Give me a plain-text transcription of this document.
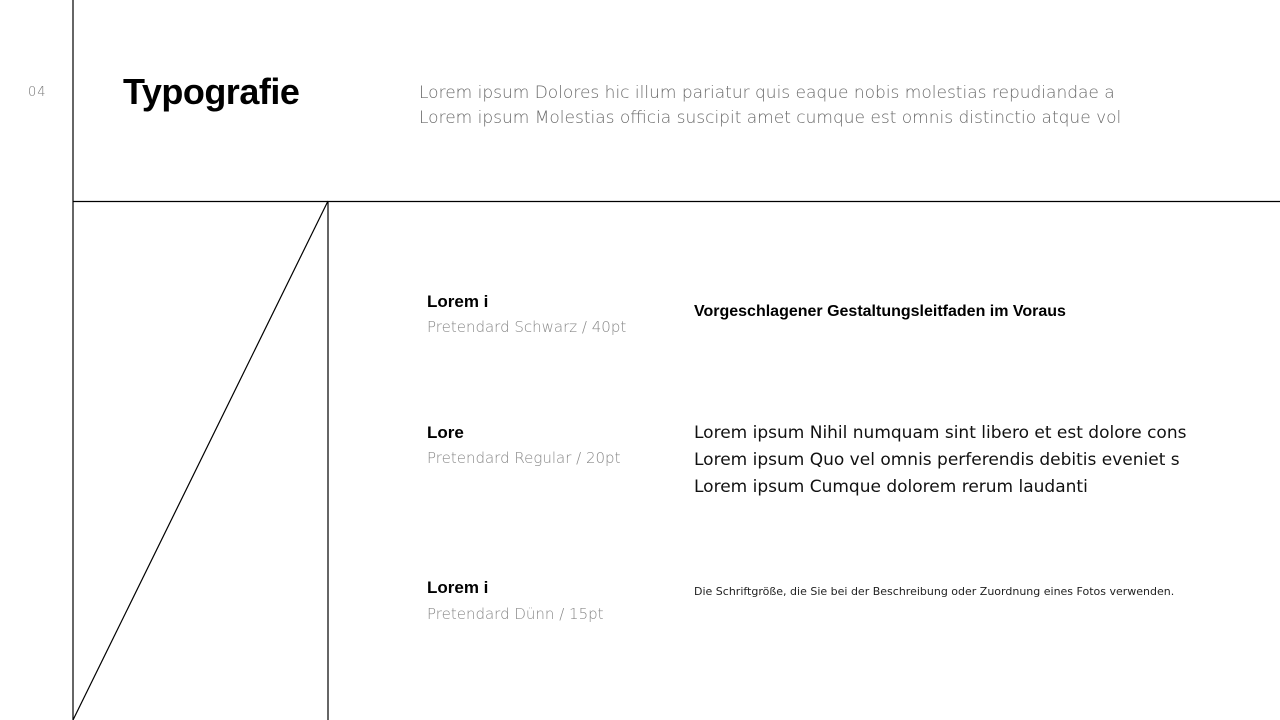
04 Typografie	Lorem ipsum Dolores hic illum pariatur quis eaque nobis molestias repudiandae a
Lorem ipsum Molestias officia suscipit amet cumque est omnis distinctio atque vol
Lorem i
Pretendard Schwarz / 40pt
Vorgeschlagener Gestaltungsleitfaden im Voraus
Lore
Pretendard Regular / 20pt
Lorem ipsum Nihil numquam sint libero et est dolore cons
Lorem ipsum Quo vel omnis perferendis debitis eveniet s
Lorem ipsum Cumque dolorem rerum laudanti
Lorem i
Pretendard Dünn / 15pt
Die Schriftgröße, die Sie bei der Beschreibung oder Zuordnung eines Fotos verwenden.
